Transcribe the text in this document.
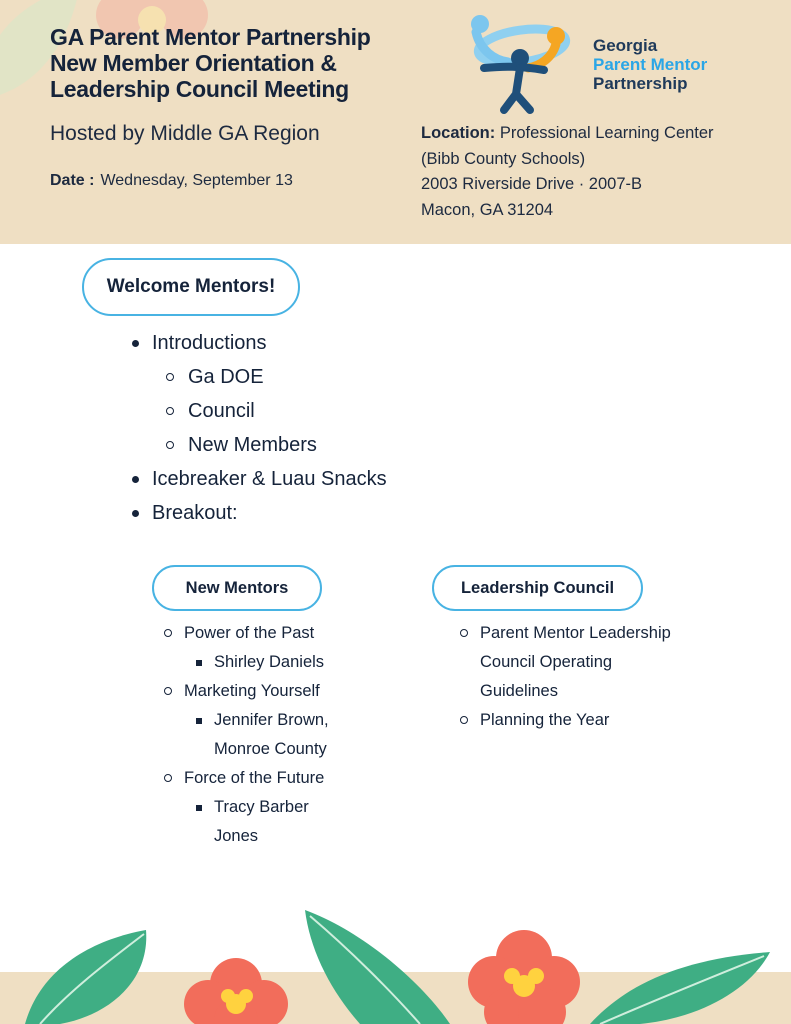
GA Parent Mentor Partnership
New Member Orientation &
Leadership Council Meeting
Hosted by Middle GA Region
Date : Wednesday, September 13
Location: Professional Learning Center
(Bibb County Schools)
2003 Riverside Drive · 2007-B
Macon, GA 31204
Georgia
Parent Mentor
Partnership
Welcome Mentors!
Introductions
Ga DOE
Council
New Members
Icebreaker & Luau Snacks
Breakout:
New Mentors	Leadership Council
Power of the Past
Shirley Daniels
Marketing Yourself
Jennifer Brown,
Monroe County
Force of the Future
Tracy Barber
Jones
Parent Mentor Leadership
Council Operating
Guidelines
Planning the Year
